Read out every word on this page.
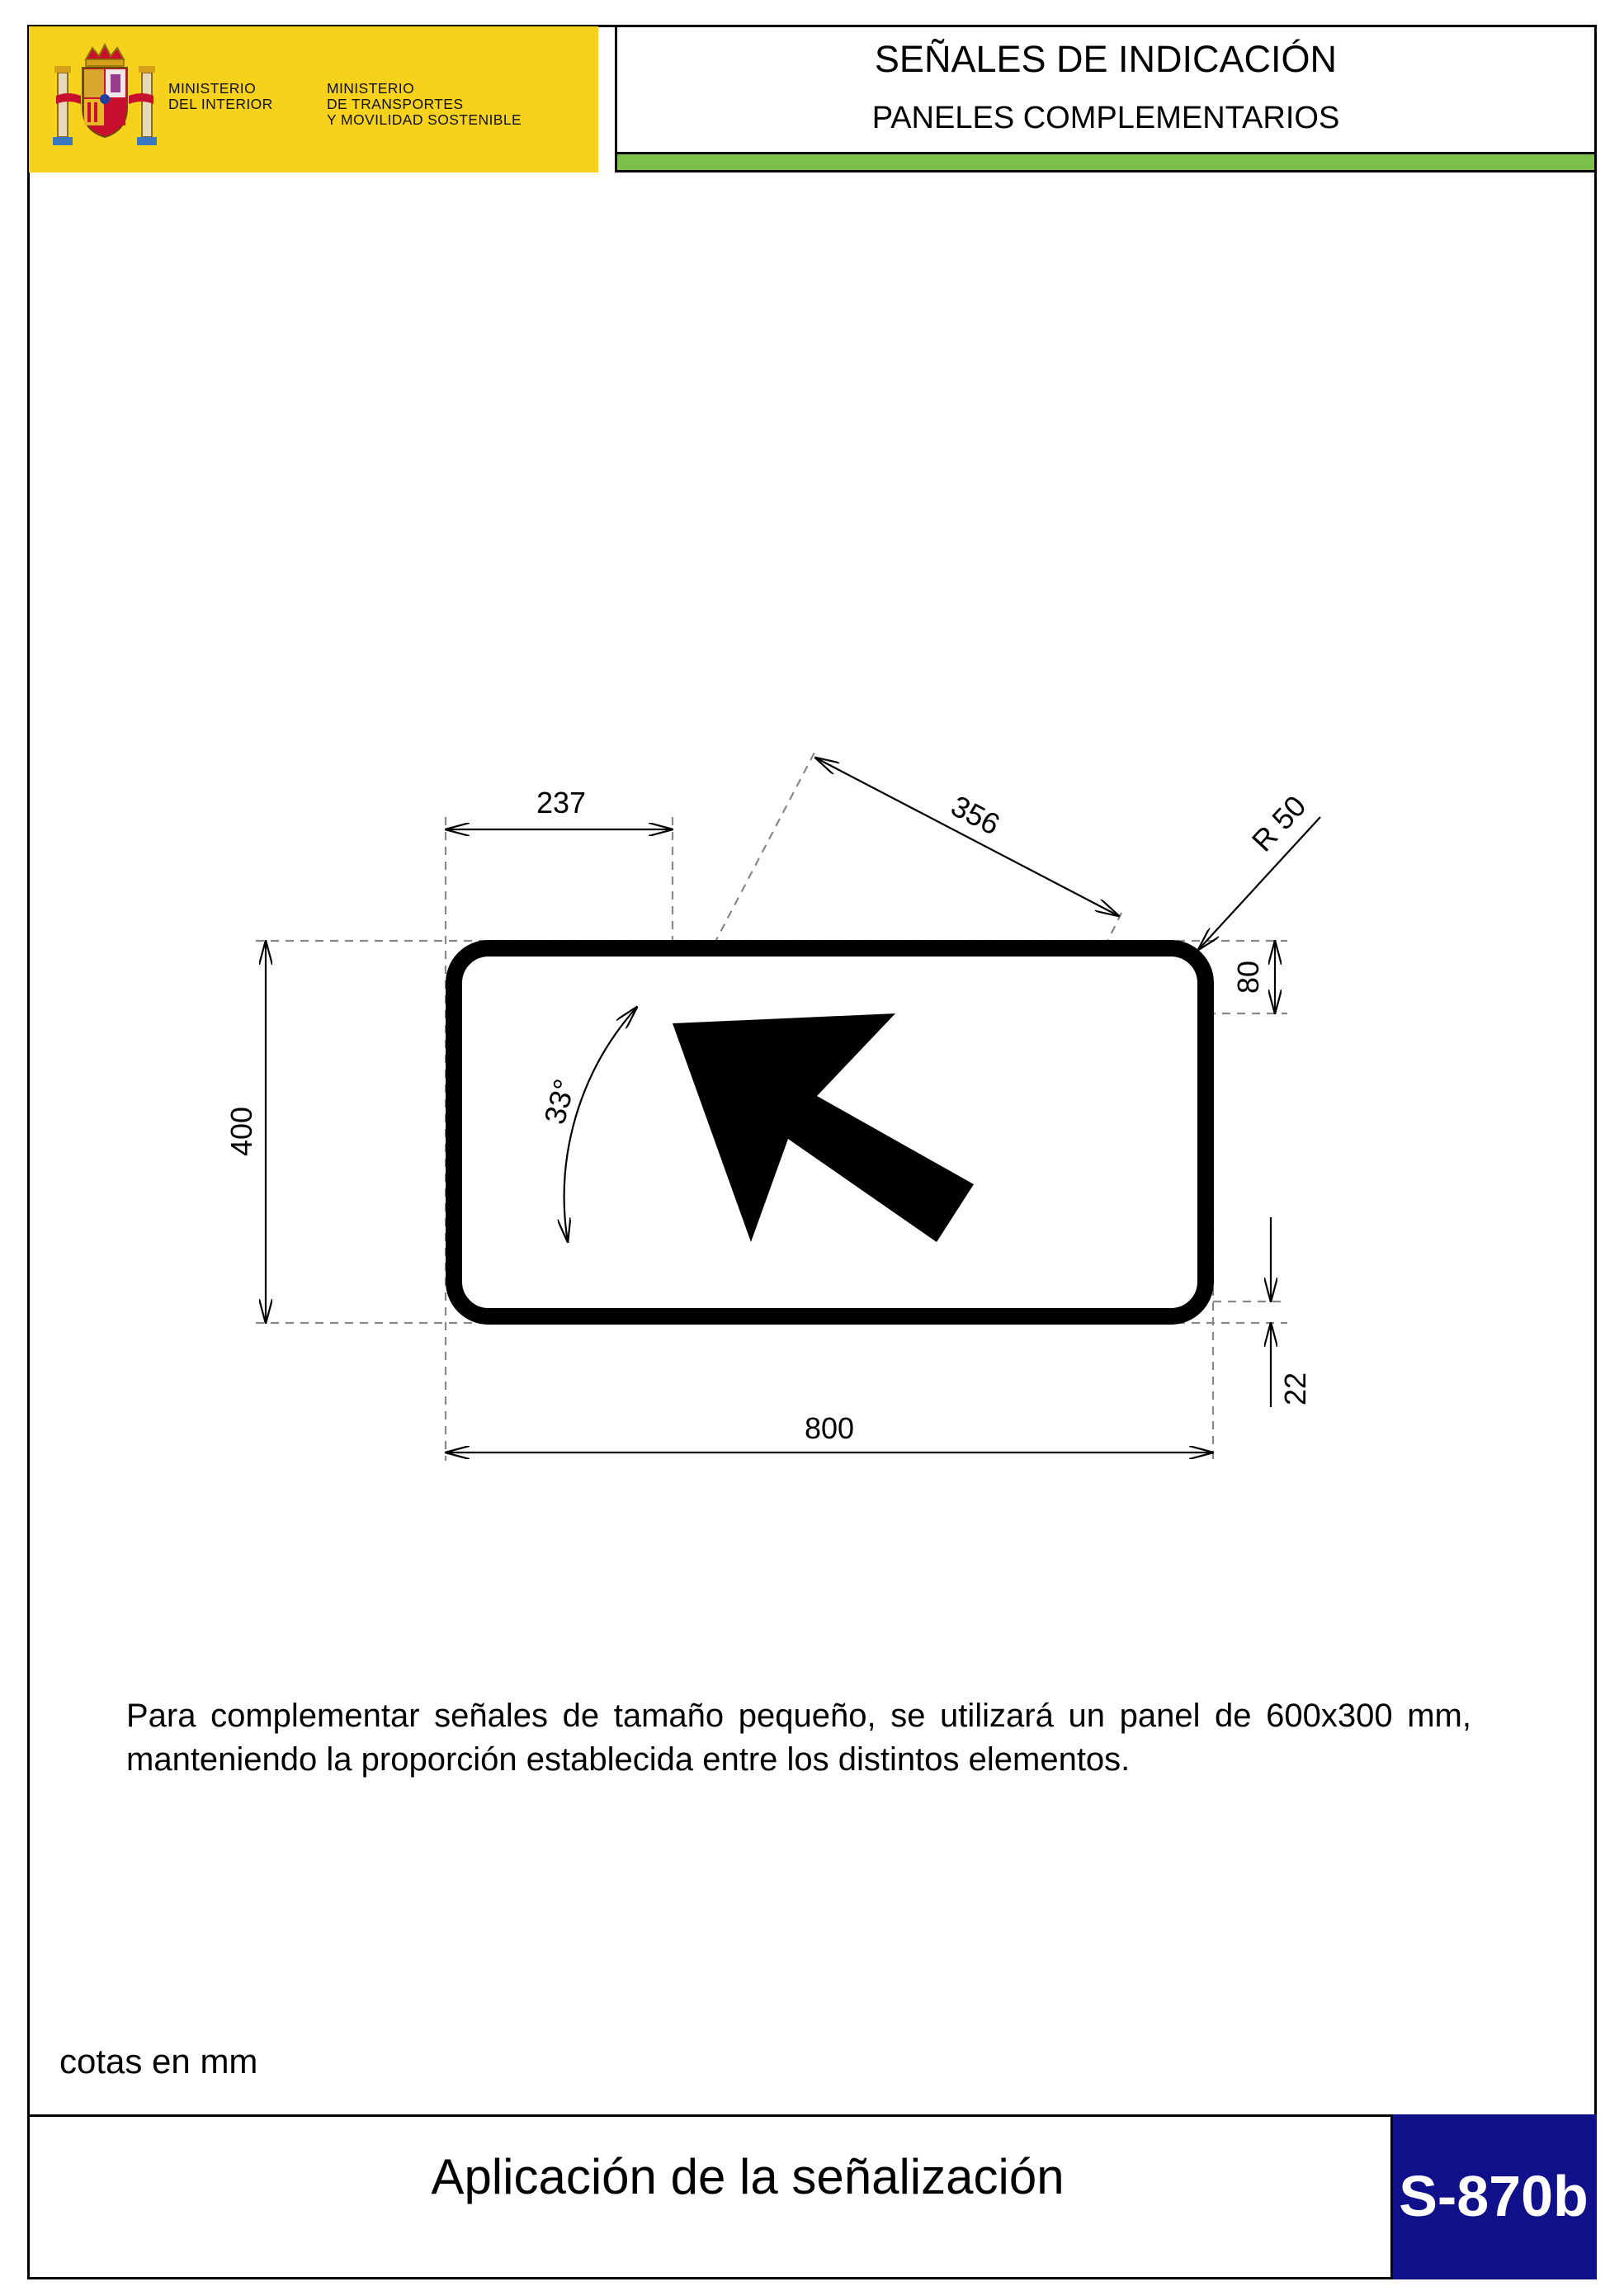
MINISTERIO
DEL INTERIOR
MINISTERIO
DE TRANSPORTES
Y MOVILIDAD SOSTENIBLE
SEÑALES DE INDICACIÓN
PANELES COMPLEMENTARIOS
237	356	R 50
400
80
33°
22
800
Para complementar señales de tamaño pequeño, se utilizará un panel de 600x300 mm, manteniendo la proporción establecida entre los distintos elementos.
cotas en mm
Aplicación de la señalización	S-870b
